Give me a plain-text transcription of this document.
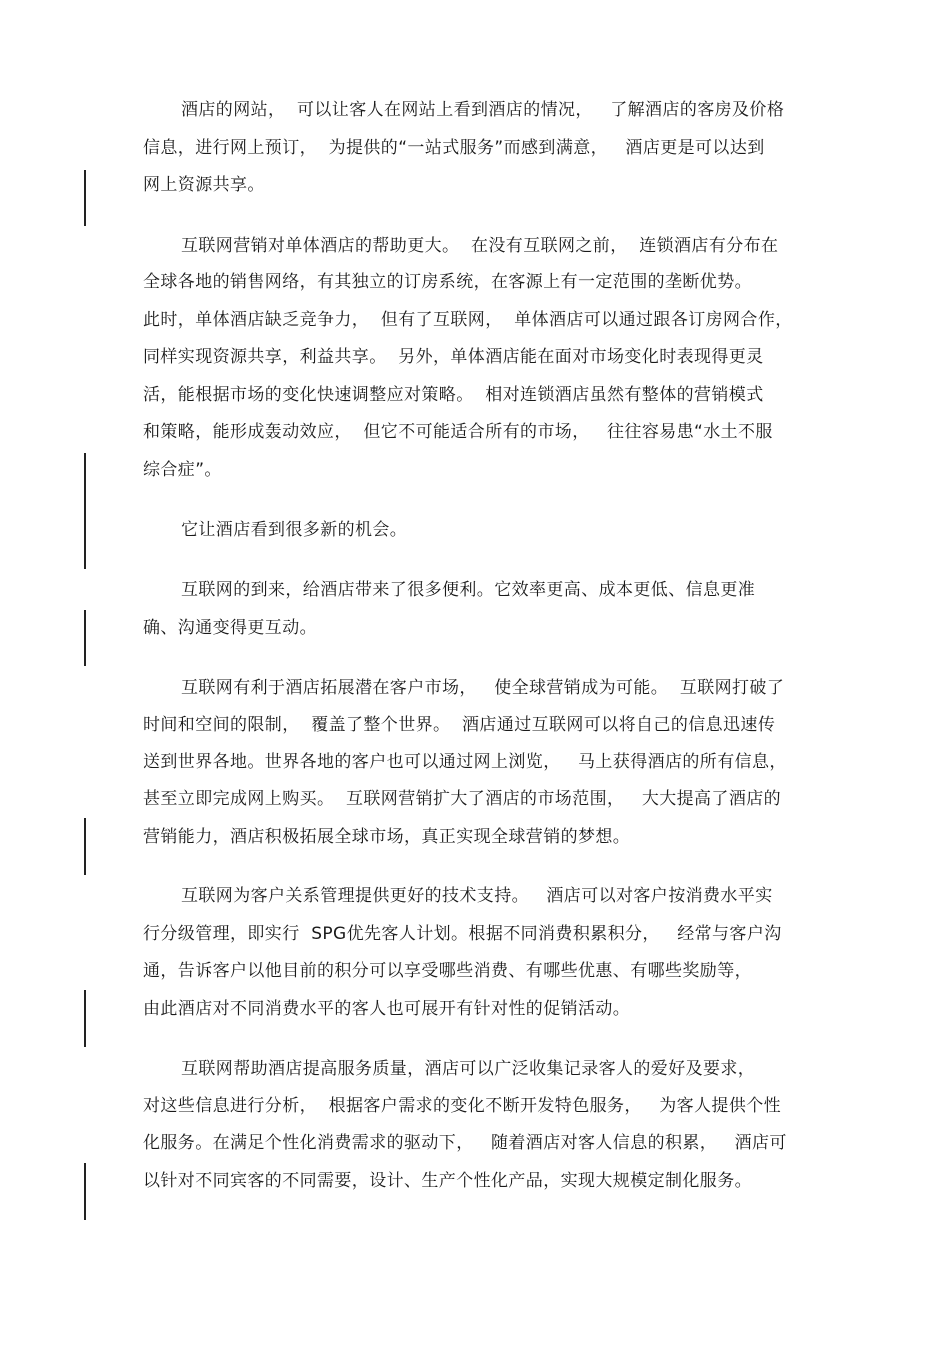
酒店的网站，  可以让客人在网站上看到酒店的情况，   了解酒店的客房及价格
信息，进行网上预订，  为提供的“一站式服务”而感到满意，   酒店更是可以达到
网上资源共享。
互联网营销对单体酒店的帮助更大。  在没有互联网之前，  连锁酒店有分布在
全球各地的销售网络，有其独立的订房系统，在客源上有一定范围的垄断优势。
此时，单体酒店缺乏竞争力，  但有了互联网，  单体酒店可以通过跟各订房网合作，
同样实现资源共享，利益共享。  另外，单体酒店能在面对市场变化时表现得更灵
活，能根据市场的变化快速调整应对策略。  相对连锁酒店虽然有整体的营销模式
和策略，能形成轰动效应，  但它不可能适合所有的市场，   往往容易患“水土不服
综合症”。
它让酒店看到很多新的机会。
互联网的到来，给酒店带来了很多便利。它效率更高、成本更低、信息更准
确、沟通变得更互动。
互联网有利于酒店拓展潜在客户市场，   使全球营销成为可能。  互联网打破了
时间和空间的限制，  覆盖了整个世界。  酒店通过互联网可以将自己的信息迅速传
送到世界各地。世界各地的客户也可以通过网上浏览，   马上获得酒店的所有信息，
甚至立即完成网上购买。  互联网营销扩大了酒店的市场范围，   大大提高了酒店的
营销能力，酒店积极拓展全球市场，真正实现全球营销的梦想。
互联网为客户关系管理提供更好的技术支持。   酒店可以对客户按消费水平实
行分级管理，即实行  SPG优先客人计划。根据不同消费积累积分，   经常与客户沟
通，告诉客户以他目前的积分可以享受哪些消费、有哪些优惠、有哪些奖励等，
由此酒店对不同消费水平的客人也可展开有针对性的促销活动。
互联网帮助酒店提高服务质量，酒店可以广泛收集记录客人的爱好及要求，
对这些信息进行分析，  根据客户需求的变化不断开发特色服务，   为客人提供个性
化服务。在满足个性化消费需求的驱动下，   随着酒店对客人信息的积累，   酒店可
以针对不同宾客的不同需要，设计、生产个性化产品，实现大规模定制化服务。
